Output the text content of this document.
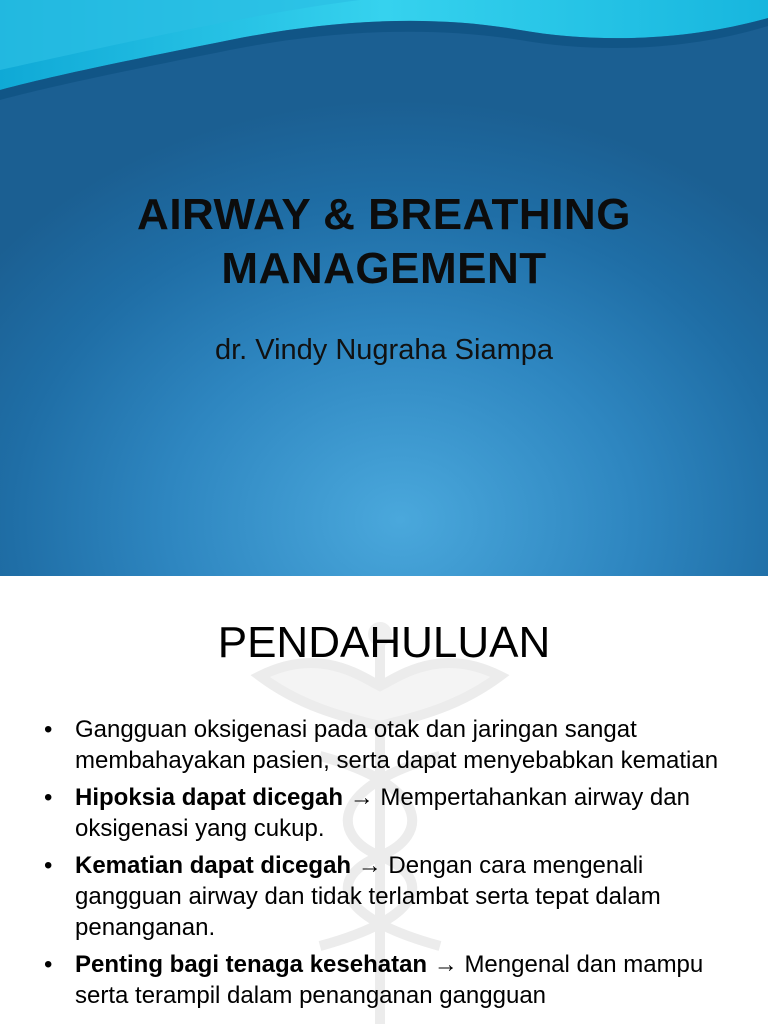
AIRWAY & BREATHING
MANAGEMENT
dr. Vindy Nugraha Siampa
PENDAHULUAN
• Gangguan oksigenasi pada otak dan jaringan sangat membahayakan pasien, serta dapat menyebabkan kematian
• Hipoksia dapat dicegah → Mempertahankan airway dan oksigenasi yang cukup.
• Kematian dapat dicegah → Dengan cara mengenali gangguan airway dan tidak terlambat serta tepat dalam penanganan.
• Penting bagi tenaga kesehatan → Mengenal dan mampu serta terampil dalam penanganan gangguan
